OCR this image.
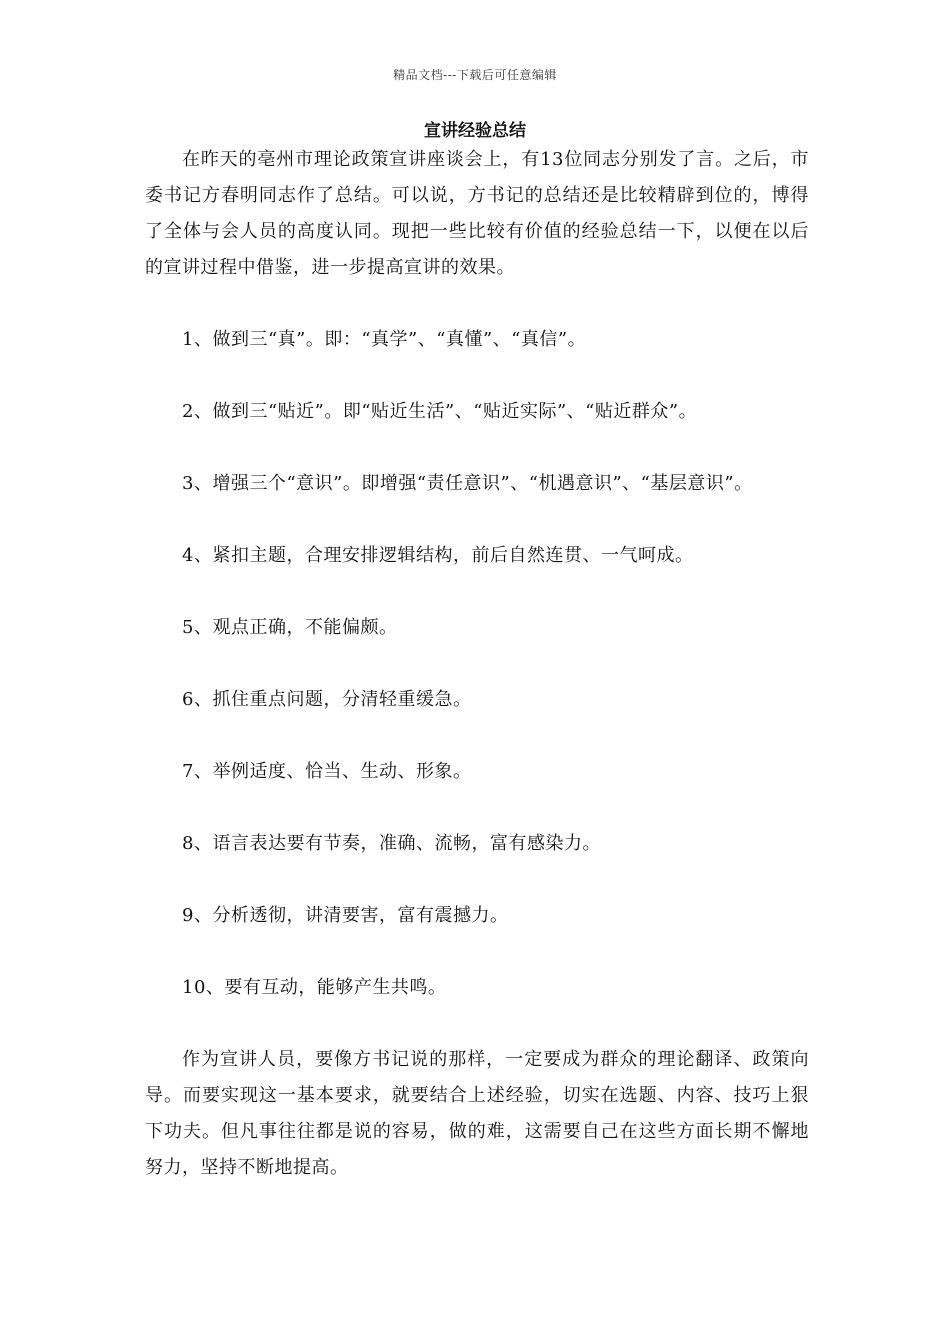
精品文档---下载后可任意编辑
宣讲经验总结

在昨天的亳州市理论政策宣讲座谈会上，有13位同志分别发了言。之后，市委书记方春明同志作了总结。可以说，方书记的总结还是比较精辟到位的，博得了全体与会人员的高度认同。现把一些比较有价值的经验总结一下，以便在以后的宣讲过程中借鉴，进一步提高宣讲的效果。

1、做到三“真”。即：“真学”、“真懂”、“真信”。

2、做到三“贴近”。即“贴近生活”、“贴近实际”、“贴近群众”。

3、增强三个“意识”。即增强“责任意识”、“机遇意识”、“基层意识”。

4、紧扣主题，合理安排逻辑结构，前后自然连贯、一气呵成。

5、观点正确，不能偏颇。

6、抓住重点问题，分清轻重缓急。

7、举例适度、恰当、生动、形象。

8、语言表达要有节奏，准确、流畅，富有感染力。

9、分析透彻，讲清要害，富有震撼力。

10、要有互动，能够产生共鸣。

作为宣讲人员，要像方书记说的那样，一定要成为群众的理论翻译、政策向导。而要实现这一基本要求，就要结合上述经验，切实在选题、内容、技巧上狠下功夫。但凡事往往都是说的容易，做的难，这需要自己在这些方面长期不懈地努力，坚持不断地提高。
